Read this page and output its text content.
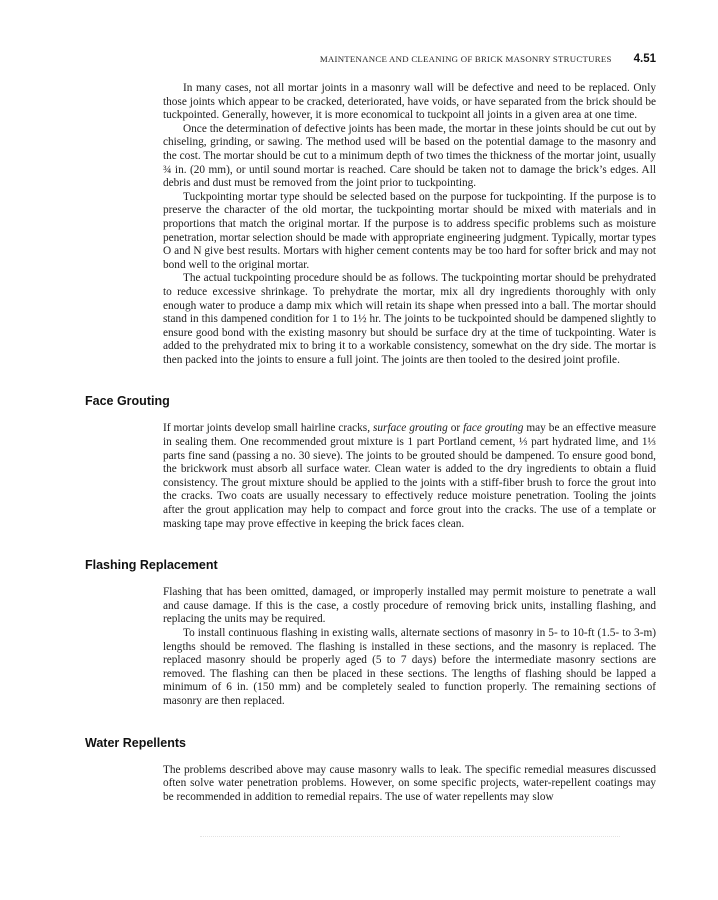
MAINTENANCE AND CLEANING OF BRICK MASONRY STRUCTURES 4.51

In many cases, not all mortar joints in a masonry wall will be defective and need to be replaced. Only those joints which appear to be cracked, deteriorated, have voids, or have separated from the brick should be tuckpointed. Generally, however, it is more economical to tuckpoint all joints in a given area at one time.

Once the determination of defective joints has been made, the mortar in these joints should be cut out by chiseling, grinding, or sawing. The method used will be based on the potential damage to the masonry and the cost. The mortar should be cut to a minimum depth of two times the thickness of the mortar joint, usually ¾ in. (20 mm), or until sound mortar is reached. Care should be taken not to damage the brick’s edges. All debris and dust must be removed from the joint prior to tuckpointing.

Tuckpointing mortar type should be selected based on the purpose for tuckpointing. If the purpose is to preserve the character of the old mortar, the tuckpointing mortar should be mixed with materials and in proportions that match the original mortar. If the purpose is to address specific problems such as moisture penetration, mortar selection should be made with appropriate engineering judgment. Typically, mortar types O and N give best results. Mortars with higher cement contents may be too hard for softer brick and may not bond well to the original mortar.

The actual tuckpointing procedure should be as follows. The tuckpointing mortar should be prehydrated to reduce excessive shrinkage. To prehydrate the mortar, mix all dry ingredients thoroughly with only enough water to produce a damp mix which will retain its shape when pressed into a ball. The mortar should stand in this dampened condition for 1 to 1½ hr. The joints to be tuckpointed should be dampened slightly to ensure good bond with the existing masonry but should be surface dry at the time of tuckpointing. Water is added to the prehydrated mix to bring it to a workable consistency, somewhat on the dry side. The mortar is then packed into the joints to ensure a full joint. The joints are then tooled to the desired joint profile.

Face Grouting

If mortar joints develop small hairline cracks, surface grouting or face grouting may be an effective measure in sealing them. One recommended grout mixture is 1 part Portland cement, ⅓ part hydrated lime, and 1⅓ parts fine sand (passing a no. 30 sieve). The joints to be grouted should be dampened. To ensure good bond, the brickwork must absorb all surface water. Clean water is added to the dry ingredients to obtain a fluid consistency. The grout mixture should be applied to the joints with a stiff-fiber brush to force the grout into the cracks. Two coats are usually necessary to effectively reduce moisture penetration. Tooling the joints after the grout application may help to compact and force grout into the cracks. The use of a template or masking tape may prove effective in keeping the brick faces clean.

Flashing Replacement

Flashing that has been omitted, damaged, or improperly installed may permit moisture to penetrate a wall and cause damage. If this is the case, a costly procedure of removing brick units, installing flashing, and replacing the units may be required.

To install continuous flashing in existing walls, alternate sections of masonry in 5- to 10-ft (1.5- to 3-m) lengths should be removed. The flashing is installed in these sections, and the masonry is replaced. The replaced masonry should be properly aged (5 to 7 days) before the intermediate masonry sections are removed. The flashing can then be placed in these sections. The lengths of flashing should be lapped a minimum of 6 in. (150 mm) and be completely sealed to function properly. The remaining sections of masonry are then replaced.

Water Repellents

The problems described above may cause masonry walls to leak. The specific remedial measures discussed often solve water penetration problems. However, on some specific projects, water-repellent coatings may be recommended in addition to remedial repairs. The use of water repellents may slow
